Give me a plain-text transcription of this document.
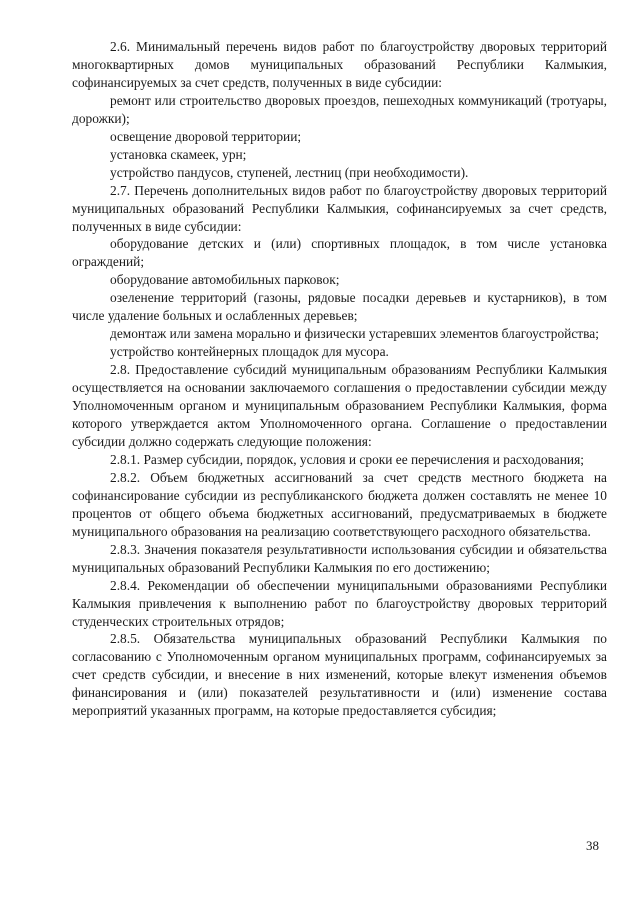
2.6. Минимальный перечень видов работ по благоустройству дворовых территорий многоквартирных домов муниципальных образований Республики Калмыкия, софинансируемых за счет средств, полученных в виде субсидии:

ремонт или строительство дворовых проездов, пешеходных коммуникаций (тротуары, дорожки);

освещение дворовой территории;

установка скамеек, урн;

устройство пандусов, ступеней, лестниц (при необходимости).

2.7. Перечень дополнительных видов работ по благоустройству дворовых территорий муниципальных образований Республики Калмыкия, софинансируемых за счет средств, полученных в виде субсидии:

оборудование детских и (или) спортивных площадок, в том числе установка ограждений;

оборудование автомобильных парковок;

озеленение территорий (газоны, рядовые посадки деревьев и кустарников), в том числе удаление больных и ослабленных деревьев;

демонтаж или замена морально и физически устаревших элементов благоустройства;

устройство контейнерных площадок для мусора.

2.8. Предоставление субсидий муниципальным образованиям Республики Калмыкия осуществляется на основании заключаемого соглашения о предоставлении субсидии между Уполномоченным органом и муниципальным образованием Республики Калмыкия, форма которого утверждается актом Уполномоченного органа. Соглашение о предоставлении субсидии должно содержать следующие положения:

2.8.1. Размер субсидии, порядок, условия и сроки ее перечисления и расходования;

2.8.2. Объем бюджетных ассигнований за счет средств местного бюджета на софинансирование субсидии из республиканского бюджета должен составлять не менее 10 процентов от общего объема бюджетных ассигнований, предусматриваемых в бюджете муниципального образования на реализацию соответствующего расходного обязательства.

2.8.3. Значения показателя результативности использования субсидии и обязательства муниципальных образований Республики Калмыкия по его достижению;

2.8.4. Рекомендации об обеспечении муниципальными образованиями Республики Калмыкия привлечения к выполнению работ по благоустройству дворовых территорий студенческих строительных отрядов;

2.8.5. Обязательства муниципальных образований Республики Калмыкия по согласованию с Уполномоченным органом муниципальных программ, софинансируемых за счет средств субсидии, и внесение в них изменений, которые влекут изменения объемов финансирования и (или) показателей результативности и (или) изменение состава мероприятий указанных программ, на которые предоставляется субсидия;

38
